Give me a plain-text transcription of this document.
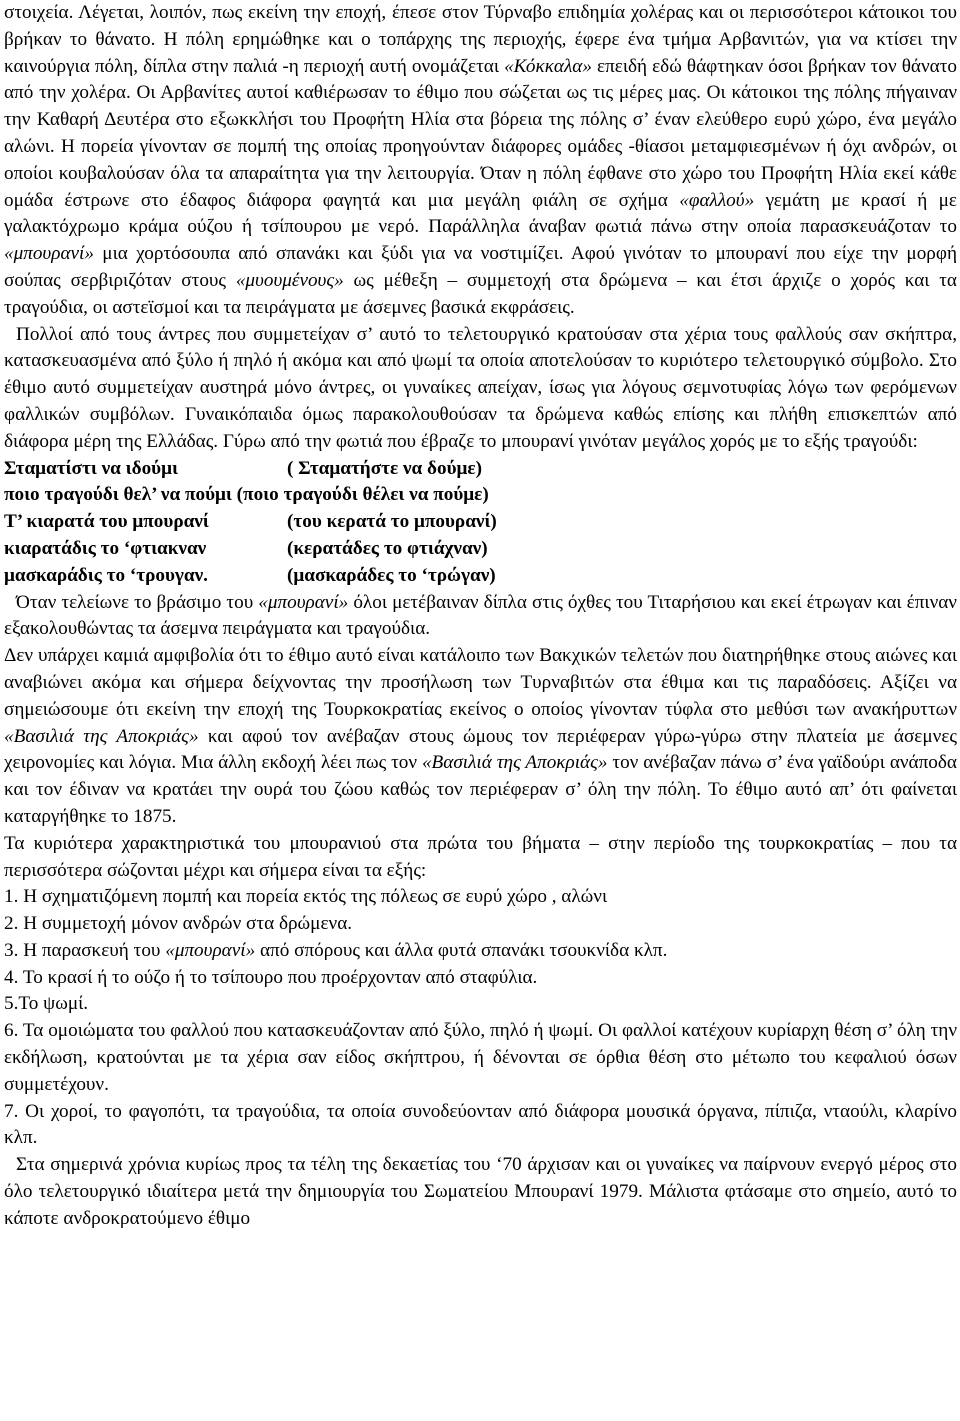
στοιχεία. Λέγεται, λοιπόν, πως εκείνη την εποχή, έπεσε στον Τύρναβο επιδημία χολέρας και οι περισσότεροι κάτοικοι του βρήκαν το θάνατο. Η πόλη ερημώθηκε και ο τοπάρχης της περιοχής, έφερε ένα τμήμα Αρβανιτών, για να κτίσει την καινούργια πόλη, δίπλα στην παλιά -η περιοχή αυτή ονομάζεται «Κόκκαλα» επειδή εδώ θάφτηκαν όσοι βρήκαν τον θάνατο από την χολέρα. Οι Αρβανίτες αυτοί καθιέρωσαν το έθιμο που σώζεται ως τις μέρες μας. Οι κάτοικοι της πόλης πήγαιναν την Καθαρή Δευτέρα στο εξωκκλήσι του Προφήτη Ηλία στα βόρεια της πόλης σ’ έναν ελεύθερο ευρύ χώρο, ένα μεγάλο αλώνι. Η πορεία γίνονταν σε πομπή της οποίας προηγούνταν διάφορες ομάδες -θίασοι μεταμφιεσμένων ή όχι ανδρών, οι οποίοι κουβαλούσαν όλα τα απαραίτητα για την λειτουργία. Όταν η πόλη έφθανε στο χώρο του Προφήτη Ηλία εκεί κάθε ομάδα έστρωνε στο έδαφος διάφορα φαγητά και μια μεγάλη φιάλη σε σχήμα «φαλλού» γεμάτη με κρασί ή με γαλακτόχρωμο κράμα ούζου ή τσίπουρου με νερό. Παράλληλα άναβαν φωτιά πάνω στην οποία παρασκευάζοταν το «μπουρανί» μια χορτόσουπα από σπανάκι και ξύδι για να νοστιμίζει. Αφού γινόταν το μπουρανί που είχε την μορφή σούπας σερβιριζόταν στους «μυουμένους» ως μέθεξη – συμμετοχή στα δρώμενα – και έτσι άρχιζε ο χορός και τα τραγούδια, οι αστεϊσμοί και τα πειράγματα με άσεμνες βασικά εκφράσεις.

Πολλοί από τους άντρες που συμμετείχαν σ’ αυτό το τελετουργικό κρατούσαν στα χέρια τους φαλλούς σαν σκήπτρα, κατασκευασμένα από ξύλο ή πηλό ή ακόμα και από ψωμί τα οποία αποτελούσαν το κυριότερο τελετουργικό σύμβολο. Στο έθιμο αυτό συμμετείχαν αυστηρά μόνο άντρες, οι γυναίκες απείχαν, ίσως για λόγους σεμνοτυφίας λόγω των φερόμενων φαλλικών συμβόλων. Γυναικόπαιδα όμως παρακολουθούσαν τα δρώμενα καθώς επίσης και πλήθη επισκεπτών από διάφορα μέρη της Ελλάδας. Γύρω από την φωτιά που έβραζε το μπουρανί γινόταν μεγάλος χορός με το εξής τραγούδι:

Σταματίστι να ιδούμι	( Σταματήστε να δούμε)
ποιο τραγούδι θελ’ να πούμι (ποιο τραγούδι θέλει να πούμε)
Τ’ κιαρατά του μπουρανί	(του κερατά το μπουρανί)
κιαρατάδις το ‘φτιακναν	(κερατάδες το φτιάχναν)
μασκαράδις το ‘τρουγαν.	(μασκαράδες το ‘τρώγαν)

Όταν τελείωνε το βράσιμο του «μπουρανί» όλοι μετέβαιναν δίπλα στις όχθες του Τιταρήσιου και εκεί έτρωγαν και έπιναν εξακολουθώντας τα άσεμνα πειράγματα και τραγούδια.

Δεν υπάρχει καμιά αμφιβολία ότι το έθιμο αυτό είναι κατάλοιπο των Βακχικών τελετών που διατηρήθηκε στους αιώνες και αναβιώνει ακόμα και σήμερα δείχνοντας την προσήλωση των Τυρναβιτών στα έθιμα και τις παραδόσεις. Αξίζει να σημειώσουμε ότι εκείνη την εποχή της Τουρκοκρατίας εκείνος ο οποίος γίνονταν τύφλα στο μεθύσι των ανακήρυττων «Βασιλιά της Αποκριάς» και αφού τον ανέβαζαν στους ώμους τον περιέφεραν γύρω-γύρω στην πλατεία με άσεμνες χειρονομίες και λόγια. Μια άλλη εκδοχή λέει πως τον «Βασιλιά της Αποκριάς» τον ανέβαζαν πάνω σ’ ένα γαϊδούρι ανάποδα και τον έδιναν να κρατάει την ουρά του ζώου καθώς τον περιέφεραν σ’ όλη την πόλη. Το έθιμο αυτό απ’ ότι φαίνεται καταργήθηκε το 1875.

Τα κυριότερα χαρακτηριστικά του μπουρανιού στα πρώτα του βήματα – στην περίοδο της τουρκοκρατίας – που τα περισσότερα σώζονται μέχρι και σήμερα είναι τα εξής:

1. Η σχηματιζόμενη πομπή και πορεία εκτός της πόλεως σε ευρύ χώρο , αλώνι

2. Η συμμετοχή μόνον ανδρών στα δρώμενα.

3. Η παρασκευή του «μπουρανί» από σπόρους και άλλα φυτά σπανάκι τσουκνίδα κλπ.

4. Το κρασί ή το ούζο ή το τσίπουρο που προέρχονταν από σταφύλια.

5.Το ψωμί.

6. Τα ομοιώματα του φαλλού που κατασκευάζονταν από ξύλο, πηλό ή ψωμί. Οι φαλλοί κατέχουν κυρίαρχη θέση σ’ όλη την εκδήλωση, κρατούνται με τα χέρια σαν είδος σκήπτρου, ή δένονται σε όρθια θέση στο μέτωπο του κεφαλιού όσων συμμετέχουν.

7. Οι χοροί, το φαγοπότι, τα τραγούδια, τα οποία συνοδεύονταν από διάφορα μουσικά όργανα, πίπιζα, νταούλι, κλαρίνο κλπ.

Στα σημερινά χρόνια κυρίως προς τα τέλη της δεκαετίας του ‘70 άρχισαν και οι γυναίκες να παίρνουν ενεργό μέρος στο όλο τελετουργικό ιδιαίτερα μετά την δημιουργία του Σωματείου Μπουρανί 1979. Μάλιστα φτάσαμε στο σημείο, αυτό το κάποτε ανδροκρατούμενο έθιμο
